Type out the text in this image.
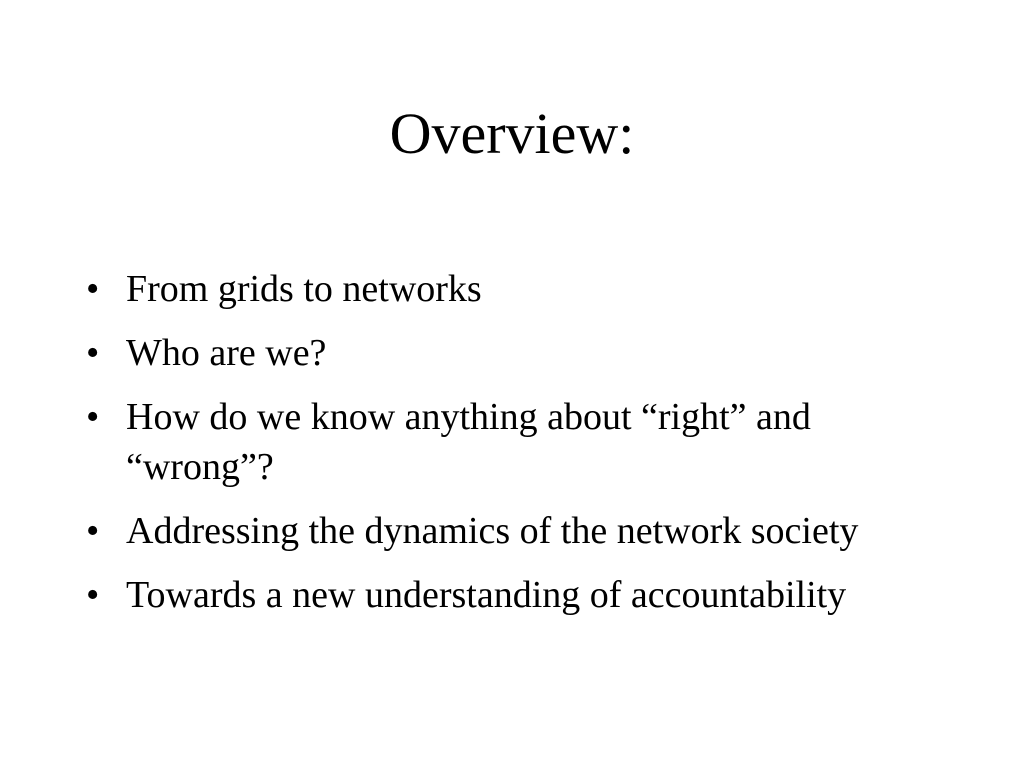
Overview:
• From grids to networks
• Who are we?
• How do we know anything about “right” and “wrong”?
• Addressing the dynamics of the network society
• Towards a new understanding of accountability
